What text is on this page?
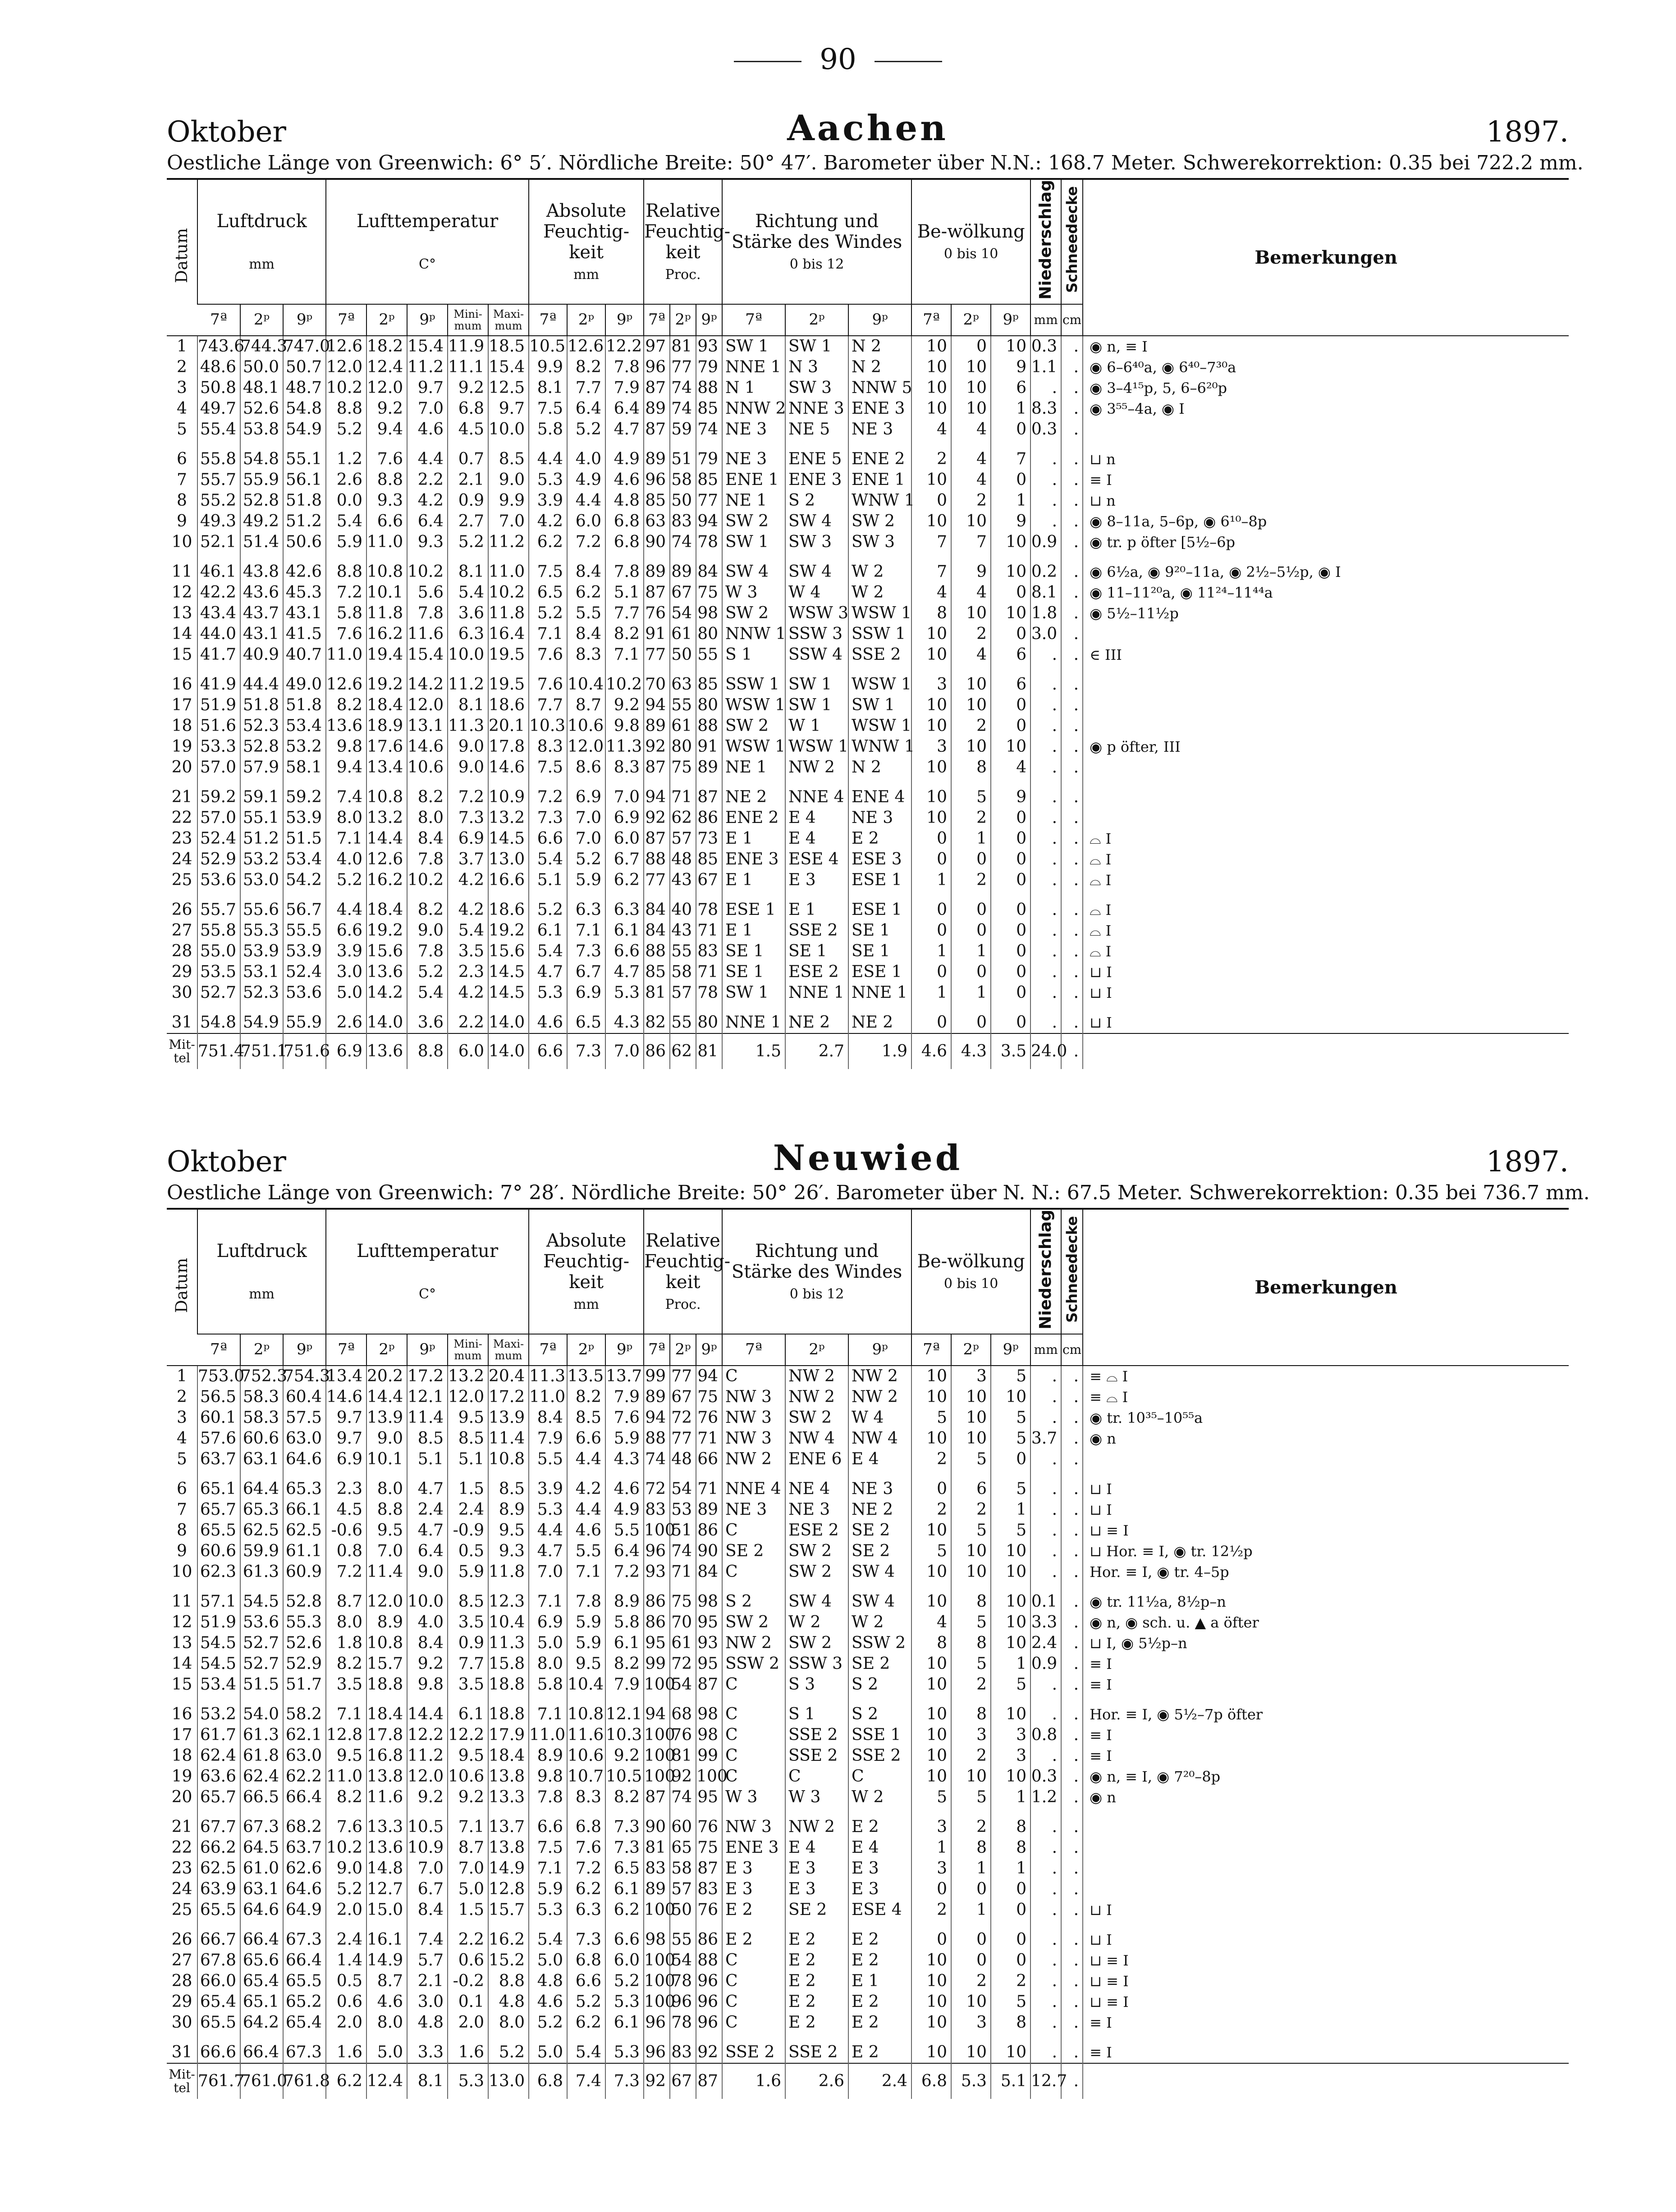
90
Oktober	Aachen	1897.
Oestliche Länge von Greenwich: 6° 5′. Nördliche Breite: 50° 47′. Barometer über N.N.: 168.7 Meter. Schwerekorrektion: 0.35 bei 722.2 mm.
Datum	Luftdruck

mm			Lufttemperatur

C°					Absolute Feuchtig-keit
mm			Relative Feuchtig-keit
Proc.			Richtung und Stärke des Windes
0 bis 12			Be-wölkung
0 bis 10			Niederschlag	Schneedecke	Bemerkungen
	7ª	2ᵖ	9ᵖ	7ª	2ᵖ	9ᵖ	Mini-mum	Maxi-mum	7ª	2ᵖ	9ᵖ	7ª	2ᵖ	9ᵖ	7ª	2ᵖ	9ᵖ	7ª	2ᵖ	9ᵖ	mm	cm	
1	743.6	744.3	747.0	12.6	18.2	15.4	11.9	18.5	10.5	12.6	12.2	97	81	93	SW 1	SW 1	N 2	10	0	10	0.3	.	◉ n, ≡ I
2	48.6	50.0	50.7	12.0	12.4	11.2	11.1	15.4	9.9	8.2	7.8	96	77	79	NNE 1	N 3	N 2	10	10	9	1.1	.	◉ 6–6⁴⁰a, ◉ 6⁴⁰–7³⁰a
3	50.8	48.1	48.7	10.2	12.0	9.7	9.2	12.5	8.1	7.7	7.9	87	74	88	N 1	SW 3	NNW 5	10	10	6	.	.	◉ 3–4¹⁵p, 5, 6–6²⁰p
4	49.7	52.6	54.8	8.8	9.2	7.0	6.8	9.7	7.5	6.4	6.4	89	74	85	NNW 2	NNE 3	ENE 3	10	10	1	8.3	.	◉ 3⁵⁵–4a, ◉ I
5	55.4	53.8	54.9	5.2	9.4	4.6	4.5	10.0	5.8	5.2	4.7	87	59	74	NE 3	NE 5	NE 3	4	4	0	0.3	.	
6	55.8	54.8	55.1	1.2	7.6	4.4	0.7	8.5	4.4	4.0	4.9	89	51	79	NE 3	ENE 5	ENE 2	2	4	7	.	.	⊔ n
7	55.7	55.9	56.1	2.6	8.8	2.2	2.1	9.0	5.3	4.9	4.6	96	58	85	ENE 1	ENE 3	ENE 1	10	4	0	.	.	≡ I
8	55.2	52.8	51.8	0.0	9.3	4.2	0.9	9.9	3.9	4.4	4.8	85	50	77	NE 1	S 2	WNW 1	0	2	1	.	.	⊔ n
9	49.3	49.2	51.2	5.4	6.6	6.4	2.7	7.0	4.2	6.0	6.8	63	83	94	SW 2	SW 4	SW 2	10	10	9	.	.	◉ 8–11a, 5–6p, ◉ 6¹⁰–8p
10	52.1	51.4	50.6	5.9	11.0	9.3	5.2	11.2	6.2	7.2	6.8	90	74	78	SW 1	SW 3	SW 3	7	7	10	0.9	.	◉ tr. p öfter [5½–6p
11	46.1	43.8	42.6	8.8	10.8	10.2	8.1	11.0	7.5	8.4	7.8	89	89	84	SW 4	SW 4	W 2	7	9	10	0.2	.	◉ 6½a, ◉ 9²⁰–11a, ◉ 2½–5½p, ◉ I
12	42.2	43.6	45.3	7.2	10.1	5.6	5.4	10.2	6.5	6.2	5.1	87	67	75	W 3	W 4	W 2	4	4	0	8.1	.	◉ 11–11²⁰a, ◉ 11²⁴–11⁴⁴a
13	43.4	43.7	43.1	5.8	11.8	7.8	3.6	11.8	5.2	5.5	7.7	76	54	98	SW 2	WSW 3	WSW 1	8	10	10	1.8	.	◉ 5½–11½p
14	44.0	43.1	41.5	7.6	16.2	11.6	6.3	16.4	7.1	8.4	8.2	91	61	80	NNW 1	SSW 3	SSW 1	10	2	0	3.0	.	
15	41.7	40.9	40.7	11.0	19.4	15.4	10.0	19.5	7.6	8.3	7.1	77	50	55	S 1	SSW 4	SSE 2	10	4	6	.	.	∈ III
16	41.9	44.4	49.0	12.6	19.2	14.2	11.2	19.5	7.6	10.4	10.2	70	63	85	SSW 1	SW 1	WSW 1	3	10	6	.	.	
17	51.9	51.8	51.8	8.2	18.4	12.0	8.1	18.6	7.7	8.7	9.2	94	55	80	WSW 1	SW 1	SW 1	10	10	0	.	.	
18	51.6	52.3	53.4	13.6	18.9	13.1	11.3	20.1	10.3	10.6	9.8	89	61	88	SW 2	W 1	WSW 1	10	2	0	.	.	
19	53.3	52.8	53.2	9.8	17.6	14.6	9.0	17.8	8.3	12.0	11.3	92	80	91	WSW 1	WSW 1	WNW 1	3	10	10	.	.	◉ p öfter, III
20	57.0	57.9	58.1	9.4	13.4	10.6	9.0	14.6	7.5	8.6	8.3	87	75	89	NE 1	NW 2	N 2	10	8	4	.	.	
21	59.2	59.1	59.2	7.4	10.8	8.2	7.2	10.9	7.2	6.9	7.0	94	71	87	NE 2	NNE 4	ENE 4	10	5	9	.	.	
22	57.0	55.1	53.9	8.0	13.2	8.0	7.3	13.2	7.3	7.0	6.9	92	62	86	ENE 2	E 4	NE 3	10	2	0	.	.	
23	52.4	51.2	51.5	7.1	14.4	8.4	6.9	14.5	6.6	7.0	6.0	87	57	73	E 1	E 4	E 2	0	1	0	.	.	⌓ I
24	52.9	53.2	53.4	4.0	12.6	7.8	3.7	13.0	5.4	5.2	6.7	88	48	85	ENE 3	ESE 4	ESE 3	0	0	0	.	.	⌓ I
25	53.6	53.0	54.2	5.2	16.2	10.2	4.2	16.6	5.1	5.9	6.2	77	43	67	E 1	E 3	ESE 1	1	2	0	.	.	⌓ I
26	55.7	55.6	56.7	4.4	18.4	8.2	4.2	18.6	5.2	6.3	6.3	84	40	78	ESE 1	E 1	ESE 1	0	0	0	.	.	⌓ I
27	55.8	55.3	55.5	6.6	19.2	9.0	5.4	19.2	6.1	7.1	6.1	84	43	71	E 1	SSE 2	SE 1	0	0	0	.	.	⌓ I
28	55.0	53.9	53.9	3.9	15.6	7.8	3.5	15.6	5.4	7.3	6.6	88	55	83	SE 1	SE 1	SE 1	1	1	0	.	.	⌓ I
29	53.5	53.1	52.4	3.0	13.6	5.2	2.3	14.5	4.7	6.7	4.7	85	58	71	SE 1	ESE 2	ESE 1	0	0	0	.	.	⊔ I
30	52.7	52.3	53.6	5.0	14.2	5.4	4.2	14.5	5.3	6.9	5.3	81	57	78	SW 1	NNE 1	NNE 1	1	1	0	.	.	⊔ I
31	54.8	54.9	55.9	2.6	14.0	3.6	2.2	14.0	4.6	6.5	4.3	82	55	80	NNE 1	NE 2	NE 2	0	0	0	.	.	⊔ I
Mit-tel	751.4	751.1	751.6	6.9	13.6	8.8	6.0	14.0	6.6	7.3	7.0	86	62	81	1.5	2.7	1.9	4.6	4.3	3.5	24.0	.	
Oktober	Neuwied	1897.
Oestliche Länge von Greenwich: 7° 28′. Nördliche Breite: 50° 26′. Barometer über N. N.: 67.5 Meter. Schwerekorrektion: 0.35 bei 736.7 mm.
Datum	Luftdruck

mm			Lufttemperatur

C°					Absolute Feuchtig-keit
mm			Relative Feuchtig-keit
Proc.			Richtung und Stärke des Windes
0 bis 12			Be-wölkung
0 bis 10			Niederschlag	Schneedecke	Bemerkungen
	7ª	2ᵖ	9ᵖ	7ª	2ᵖ	9ᵖ	Mini-mum	Maxi-mum	7ª	2ᵖ	9ᵖ	7ª	2ᵖ	9ᵖ	7ª	2ᵖ	9ᵖ	7ª	2ᵖ	9ᵖ	mm	cm	
1	753.0	752.3	754.3	13.4	20.2	17.2	13.2	20.4	11.3	13.5	13.7	99	77	94	C	NW 2	NW 2	10	3	5	.	.	≡ ⌓ I
2	56.5	58.3	60.4	14.6	14.4	12.1	12.0	17.2	11.0	8.2	7.9	89	67	75	NW 3	NW 2	NW 2	10	10	10	.	.	≡ ⌓ I
3	60.1	58.3	57.5	9.7	13.9	11.4	9.5	13.9	8.4	8.5	7.6	94	72	76	NW 3	SW 2	W 4	5	10	5	.	.	◉ tr. 10³⁵–10⁵⁵a
4	57.6	60.6	63.0	9.7	9.0	8.5	8.5	11.4	7.9	6.6	5.9	88	77	71	NW 3	NW 4	NW 4	10	10	5	3.7	.	◉ n
5	63.7	63.1	64.6	6.9	10.1	5.1	5.1	10.8	5.5	4.4	4.3	74	48	66	NW 2	ENE 6	E 4	2	5	0	.	.	
6	65.1	64.4	65.3	2.3	8.0	4.7	1.5	8.5	3.9	4.2	4.6	72	54	71	NNE 4	NE 4	NE 3	0	6	5	.	.	⊔ I
7	65.7	65.3	66.1	4.5	8.8	2.4	2.4	8.9	5.3	4.4	4.9	83	53	89	NE 3	NE 3	NE 2	2	2	1	.	.	⊔ I
8	65.5	62.5	62.5	-0.6	9.5	4.7	-0.9	9.5	4.4	4.6	5.5	100	51	86	C	ESE 2	SE 2	10	5	5	.	.	⊔ ≡ I
9	60.6	59.9	61.1	0.8	7.0	6.4	0.5	9.3	4.7	5.5	6.4	96	74	90	SE 2	SW 2	SE 2	5	10	10	.	.	⊔ Hor. ≡ I, ◉ tr. 12½p
10	62.3	61.3	60.9	7.2	11.4	9.0	5.9	11.8	7.0	7.1	7.2	93	71	84	C	SW 2	SW 4	10	10	10	.	.	Hor. ≡ I, ◉ tr. 4–5p
11	57.1	54.5	52.8	8.7	12.0	10.0	8.5	12.3	7.1	7.8	8.9	86	75	98	S 2	SW 4	SW 4	10	8	10	0.1	.	◉ tr. 11½a, 8½p–n
12	51.9	53.6	55.3	8.0	8.9	4.0	3.5	10.4	6.9	5.9	5.8	86	70	95	SW 2	W 2	W 2	4	5	10	3.3	.	◉ n, ◉ sch. u. ▲ a öfter
13	54.5	52.7	52.6	1.8	10.8	8.4	0.9	11.3	5.0	5.9	6.1	95	61	93	NW 2	SW 2	SSW 2	8	8	10	2.4	.	⊔ I, ◉ 5½p–n
14	54.5	52.7	52.9	8.2	15.7	9.2	7.7	15.8	8.0	9.5	8.2	99	72	95	SSW 2	SSW 3	SE 2	10	5	1	0.9	.	≡ I
15	53.4	51.5	51.7	3.5	18.8	9.8	3.5	18.8	5.8	10.4	7.9	100	54	87	C	S 3	S 2	10	2	5	.	.	≡ I
16	53.2	54.0	58.2	7.1	18.4	14.4	6.1	18.8	7.1	10.8	12.1	94	68	98	C	S 1	S 2	10	8	10	.	.	Hor. ≡ I, ◉ 5½–7p öfter
17	61.7	61.3	62.1	12.8	17.8	12.2	12.2	17.9	11.0	11.6	10.3	100	76	98	C	SSE 2	SSE 1	10	3	3	0.8	.	≡ I
18	62.4	61.8	63.0	9.5	16.8	11.2	9.5	18.4	8.9	10.6	9.2	100	81	99	C	SSE 2	SSE 2	10	2	3	.	.	≡ I
19	63.6	62.4	62.2	11.0	13.8	12.0	10.6	13.8	9.8	10.7	10.5	100	92	100	C	C	C	10	10	10	0.3	.	◉ n, ≡ I, ◉ 7²⁰–8p
20	65.7	66.5	66.4	8.2	11.6	9.2	9.2	13.3	7.8	8.3	8.2	87	74	95	W 3	W 3	W 2	5	5	1	1.2	.	◉ n
21	67.7	67.3	68.2	7.6	13.3	10.5	7.1	13.7	6.6	6.8	7.3	90	60	76	NW 3	NW 2	E 2	3	2	8	.	.	
22	66.2	64.5	63.7	10.2	13.6	10.9	8.7	13.8	7.5	7.6	7.3	81	65	75	ENE 3	E 4	E 4	1	8	8	.	.	
23	62.5	61.0	62.6	9.0	14.8	7.0	7.0	14.9	7.1	7.2	6.5	83	58	87	E 3	E 3	E 3	3	1	1	.	.	
24	63.9	63.1	64.6	5.2	12.7	6.7	5.0	12.8	5.9	6.2	6.1	89	57	83	E 3	E 3	E 3	0	0	0	.	.	
25	65.5	64.6	64.9	2.0	15.0	8.4	1.5	15.7	5.3	6.3	6.2	100	50	76	E 2	SE 2	ESE 4	2	1	0	.	.	⊔ I
26	66.7	66.4	67.3	2.4	16.1	7.4	2.2	16.2	5.4	7.3	6.6	98	55	86	E 2	E 2	E 2	0	0	0	.	.	⊔ I
27	67.8	65.6	66.4	1.4	14.9	5.7	0.6	15.2	5.0	6.8	6.0	100	54	88	C	E 2	E 2	10	0	0	.	.	⊔ ≡ I
28	66.0	65.4	65.5	0.5	8.7	2.1	-0.2	8.8	4.8	6.6	5.2	100	78	96	C	E 2	E 1	10	2	2	.	.	⊔ ≡ I
29	65.4	65.1	65.2	0.6	4.6	3.0	0.1	4.8	4.6	5.2	5.3	100	96	96	C	E 2	E 2	10	10	5	.	.	⊔ ≡ I
30	65.5	64.2	65.4	2.0	8.0	4.8	2.0	8.0	5.2	6.2	6.1	96	78	96	C	E 2	E 2	10	3	8	.	.	≡ I
31	66.6	66.4	67.3	1.6	5.0	3.3	1.6	5.2	5.0	5.4	5.3	96	83	92	SSE 2	SSE 2	E 2	10	10	10	.	.	≡ I
Mit-tel	761.7	761.0	761.8	6.2	12.4	8.1	5.3	13.0	6.8	7.4	7.3	92	67	87	1.6	2.6	2.4	6.8	5.3	5.1	12.7	.	
